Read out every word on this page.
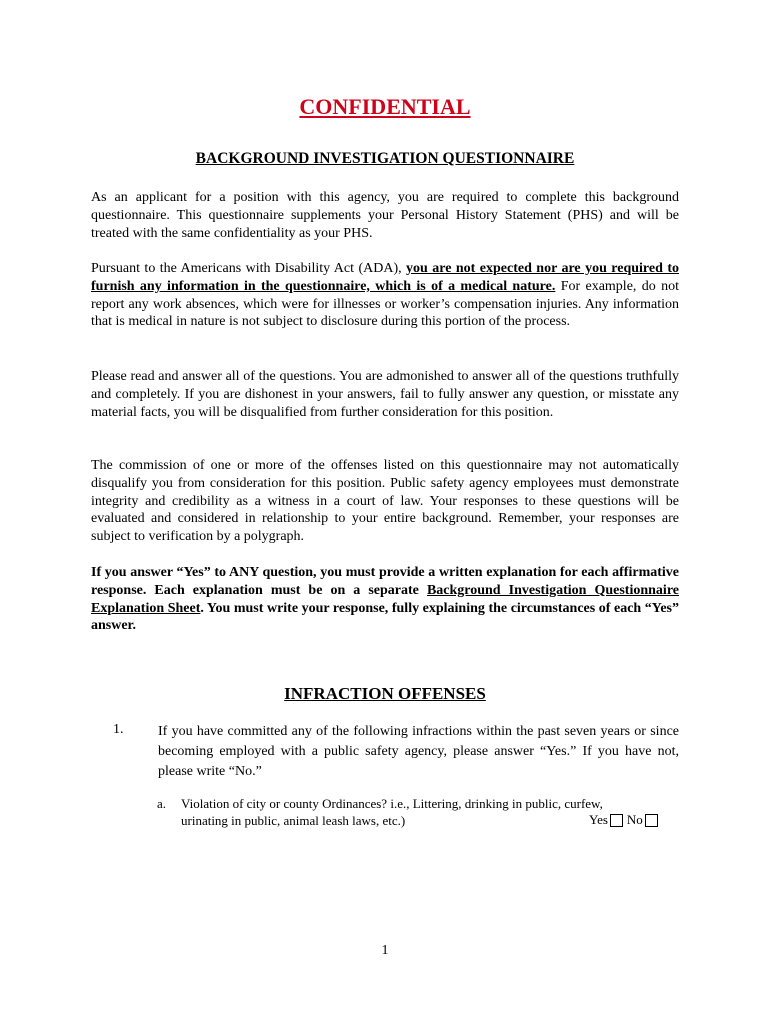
CONFIDENTIAL
BACKGROUND INVESTIGATION QUESTIONNAIRE

As an applicant for a position with this agency, you are required to complete this background questionnaire. This questionnaire supplements your Personal History Statement (PHS) and will be treated with the same confidentiality as your PHS.

Pursuant to the Americans with Disability Act (ADA), you are not expected nor are you required to furnish any information in the questionnaire, which is of a medical nature. For example, do not report any work absences, which were for illnesses or worker’s compensation injuries. Any information that is medical in nature is not subject to disclosure during this portion of the process.

Please read and answer all of the questions. You are admonished to answer all of the questions truthfully and completely. If you are dishonest in your answers, fail to fully answer any question, or misstate any material facts, you will be disqualified from further consideration for this position.

The commission of one or more of the offenses listed on this questionnaire may not automatically disqualify you from consideration for this position. Public safety agency employees must demonstrate integrity and credibility as a witness in a court of law. Your responses to these questions will be evaluated and considered in relationship to your entire background. Remember, your responses are subject to verification by a polygraph.

If you answer “Yes” to ANY question, you must provide a written explanation for each affirmative response. Each explanation must be on a separate Background Investigation Questionnaire Explanation Sheet. You must write your response, fully explaining the circumstances of each “Yes” answer.

INFRACTION OFFENSES
1. If you have committed any of the following infractions within the past seven years or since becoming employed with a public safety agency, please answer “Yes.” If you have not, please write “No.”

a. Violation of city or county Ordinances? i.e., Littering, drinking in public, curfew,
urinating in public, animal leash laws, etc.)	Yes No
1
